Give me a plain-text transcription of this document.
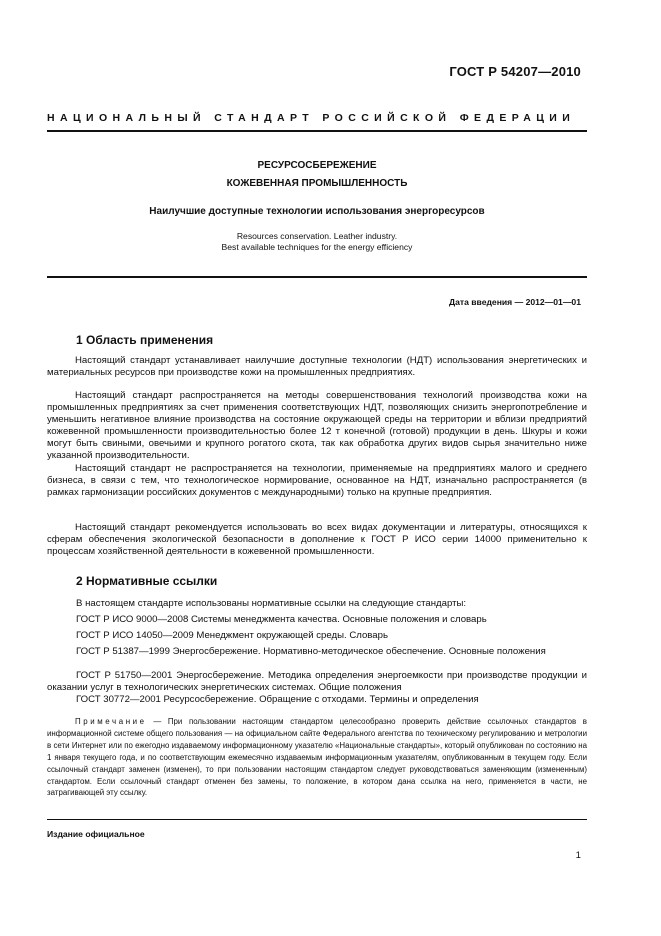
ГОСТ Р 54207—2010
НАЦИОНАЛЬНЫЙ СТАНДАРТ РОССИЙСКОЙ ФЕДЕРАЦИИ
РЕСУРСОСБЕРЕЖЕНИЕ
КОЖЕВЕННАЯ ПРОМЫШЛЕННОСТЬ
Наилучшие доступные технологии использования энергоресурсов
Resources conservation. Leather industry.
Best available techniques for the energy efficiency
Дата введения — 2012—01—01
1 Область применения
Настоящий стандарт устанавливает наилучшие доступные технологии (НДТ) использования энергетических и материальных ресурсов при производстве кожи на промышленных предприятиях.
Настоящий стандарт распространяется на методы совершенствования технологий производства кожи на промышленных предприятиях за счет применения соответствующих НДТ, позволяющих снизить энергопотребление и уменьшить негативное влияние производства на состояние окружающей среды на территории и вблизи предприятий кожевенной промышленности производительностью более 12 т конечной (готовой) продукции в день. Шкуры и кожи могут быть свиными, овечьими и крупного рогатого скота, так как обработка других видов сырья значительно ниже указанной производительности.
Настоящий стандарт не распространяется на технологии, применяемые на предприятиях малого и среднего бизнеса, в связи с тем, что технологическое нормирование, основанное на НДТ, изначально распространяется (в рамках гармонизации российских документов с международными) только на крупные предприятия.
Настоящий стандарт рекомендуется использовать во всех видах документации и литературы, относящихся к сферам обеспечения экологической безопасности в дополнение к ГОСТ Р ИСО серии 14000 применительно к процессам хозяйственной деятельности в кожевенной промышленности.
2 Нормативные ссылки
В настоящем стандарте использованы нормативные ссылки на следующие стандарты:
ГОСТ Р ИСО 9000—2008 Системы менеджмента качества. Основные положения и словарь
ГОСТ Р ИСО 14050—2009 Менеджмент окружающей среды. Словарь
ГОСТ Р 51387—1999 Энергосбережение. Нормативно-методическое обеспечение. Основные положения
ГОСТ Р 51750—2001 Энергосбережение. Методика определения энергоемкости при производстве продукции и оказании услуг в технологических энергетических системах. Общие положения
ГОСТ 30772—2001 Ресурсосбережение. Обращение с отходами. Термины и определения
Примечание — При пользовании настоящим стандартом целесообразно проверить действие ссылочных стандартов в информационной системе общего пользования — на официальном сайте Федерального агентства по техническому регулированию и метрологии в сети Интернет или по ежегодно издаваемому информационному указателю «Национальные стандарты», который опубликован по состоянию на 1 января текущего года, и по соответствующим ежемесячно издаваемым информационным указателям, опубликованным в текущем году. Если ссылочный стандарт заменен (изменен), то при пользовании настоящим стандартом следует руководствоваться заменяющим (измененным) стандартом. Если ссылочный стандарт отменен без замены, то положение, в котором дана ссылка на него, применяется в части, не затрагивающей эту ссылку.
Издание официальное
1
